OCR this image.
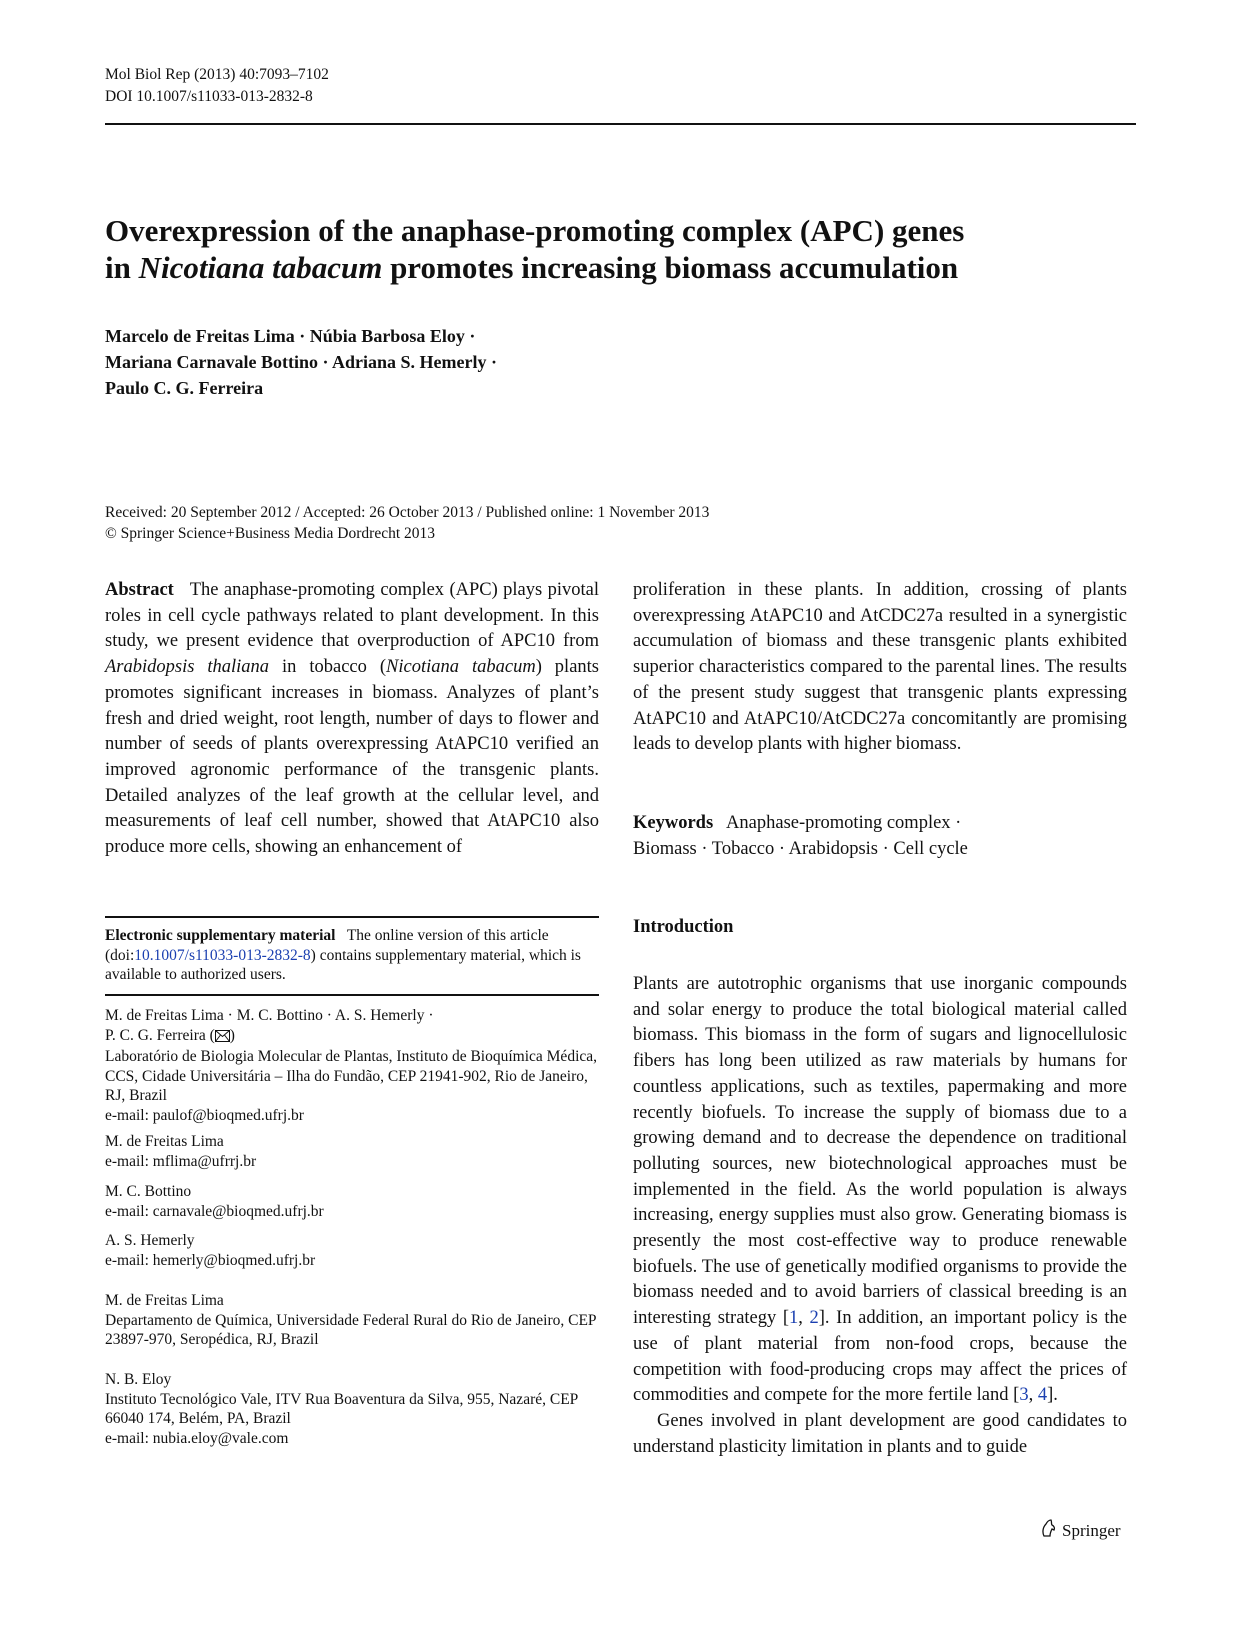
Mol Biol Rep (2013) 40:7093–7102
DOI 10.1007/s11033-013-2832-8
Overexpression of the anaphase-promoting complex (APC) genes
in Nicotiana tabacum promotes increasing biomass accumulation
Marcelo de Freitas Lima · Núbia Barbosa Eloy ·
Mariana Carnavale Bottino · Adriana S. Hemerly ·
Paulo C. G. Ferreira
Received: 20 September 2012 / Accepted: 26 October 2013 / Published online: 1 November 2013
© Springer Science+Business Media Dordrecht 2013

Abstract The anaphase-promoting complex (APC) plays pivotal roles in cell cycle pathways related to plant development. In this study, we present evidence that overproduction of APC10 from Arabidopsis thaliana in tobacco (Nicotiana tabacum) plants promotes significant increases in biomass. Analyzes of plant’s fresh and dried weight, root length, number of days to flower and number of seeds of plants overexpressing AtAPC10 verified an improved agronomic performance of the transgenic plants. Detailed analyzes of the leaf growth at the cellular level, and measurements of leaf cell number, showed that AtAPC10 also produce more cells, showing an enhancement of

proliferation in these plants. In addition, crossing of plants overexpressing AtAPC10 and AtCDC27a resulted in a synergistic accumulation of biomass and these transgenic plants exhibited superior characteristics compared to the parental lines. The results of the present study suggest that transgenic plants expressing AtAPC10 and AtAPC10/AtCDC27a concomitantly are promising leads to develop plants with higher biomass.

Keywords Anaphase-promoting complex ·
Biomass · Tobacco · Arabidopsis · Cell cycle
Introduction

Plants are autotrophic organisms that use inorganic compounds and solar energy to produce the total biological material called biomass. This biomass in the form of sugars and lignocellulosic fibers has long been utilized as raw materials by humans for countless applications, such as textiles, papermaking and more recently biofuels. To increase the supply of biomass due to a growing demand and to decrease the dependence on traditional polluting sources, new biotechnological approaches must be implemented in the field. As the world population is always increasing, energy supplies must also grow. Generating biomass is presently the most cost-effective way to produce renewable biofuels. The use of genetically modified organisms to provide the biomass needed and to avoid barriers of classical breeding is an interesting strategy [1, 2]. In addition, an important policy is the use of plant material from non-food crops, because the competition with food-producing crops may affect the prices of commodities and compete for the more fertile land [3, 4].

Genes involved in plant development are good candidates to understand plasticity limitation in plants and to guide

Electronic supplementary material The online version of this article (doi:10.1007/s11033-013-2832-8) contains supplementary material, which is available to authorized users.

M. de Freitas Lima · M. C. Bottino · A. S. Hemerly ·

P. C. G. Ferreira ( )

Laboratório de Biologia Molecular de Plantas, Instituto de Bioquímica Médica, CCS, Cidade Universitária – Ilha do Fundão, CEP 21941-902, Rio de Janeiro, RJ, Brazil

e-mail: paulof@bioqmed.ufrj.br

M. de Freitas Lima

e-mail: mflima@ufrrj.br

M. C. Bottino

e-mail: carnavale@bioqmed.ufrj.br

A. S. Hemerly

e-mail: hemerly@bioqmed.ufrj.br

M. de Freitas Lima

Departamento de Química, Universidade Federal Rural do Rio de Janeiro, CEP 23897-970, Seropédica, RJ, Brazil

N. B. Eloy

Instituto Tecnológico Vale, ITV Rua Boaventura da Silva, 955, Nazaré, CEP 66040 174, Belém, PA, Brazil

e-mail: nubia.eloy@vale.com

Springer
